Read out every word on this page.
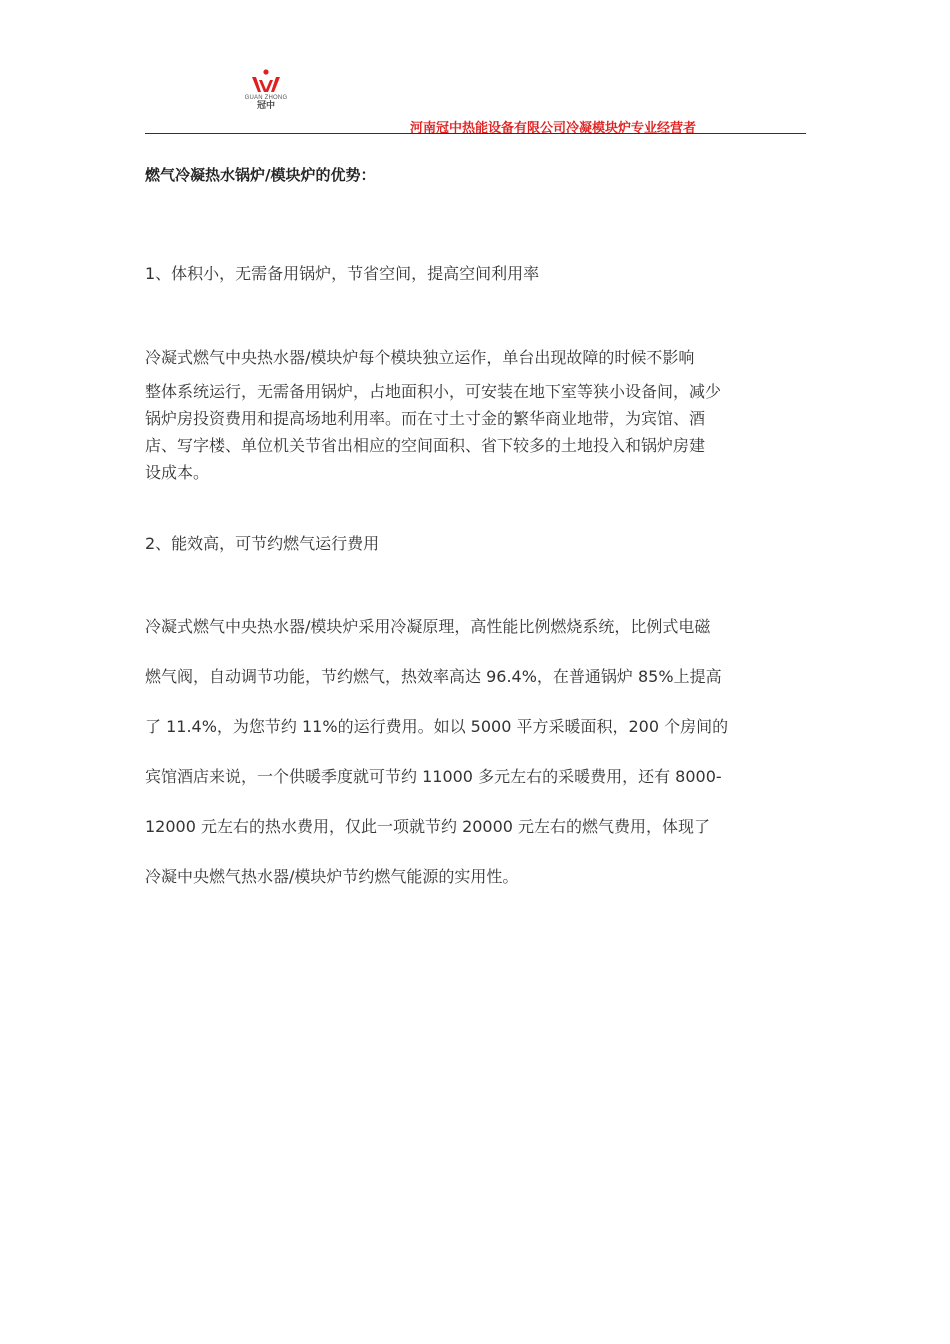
GUAN ZHONG
冠中
河南冠中热能设备有限公司冷凝模块炉专业经营者
燃气冷凝热水锅炉/模块炉的优势：
1、体积小，无需备用锅炉，节省空间，提高空间利用率
冷凝式燃气中央热水器/模块炉每个模块独立运作，单台出现故障的时候不影响
整体系统运行，无需备用锅炉，占地面积小，可安装在地下室等狭小设备间，减少
锅炉房投资费用和提高场地利用率。而在寸土寸金的繁华商业地带，为宾馆、酒
店、写字楼、单位机关节省出相应的空间面积、省下较多的土地投入和锅炉房建
设成本。
2、能效高，可节约燃气运行费用
冷凝式燃气中央热水器/模块炉采用冷凝原理，高性能比例燃烧系统，比例式电磁
燃气阀，自动调节功能，节约燃气，热效率高达 96.4%，在普通锅炉 85%上提高
了 11.4%，为您节约 11%的运行费用。如以 5000 平方采暖面积，200 个房间的
宾馆酒店来说，一个供暖季度就可节约 11000 多元左右的采暖费用，还有 8000-
12000 元左右的热水费用，仅此一项就节约 20000 元左右的燃气费用，体现了
冷凝中央燃气热水器/模块炉节约燃气能源的实用性。
